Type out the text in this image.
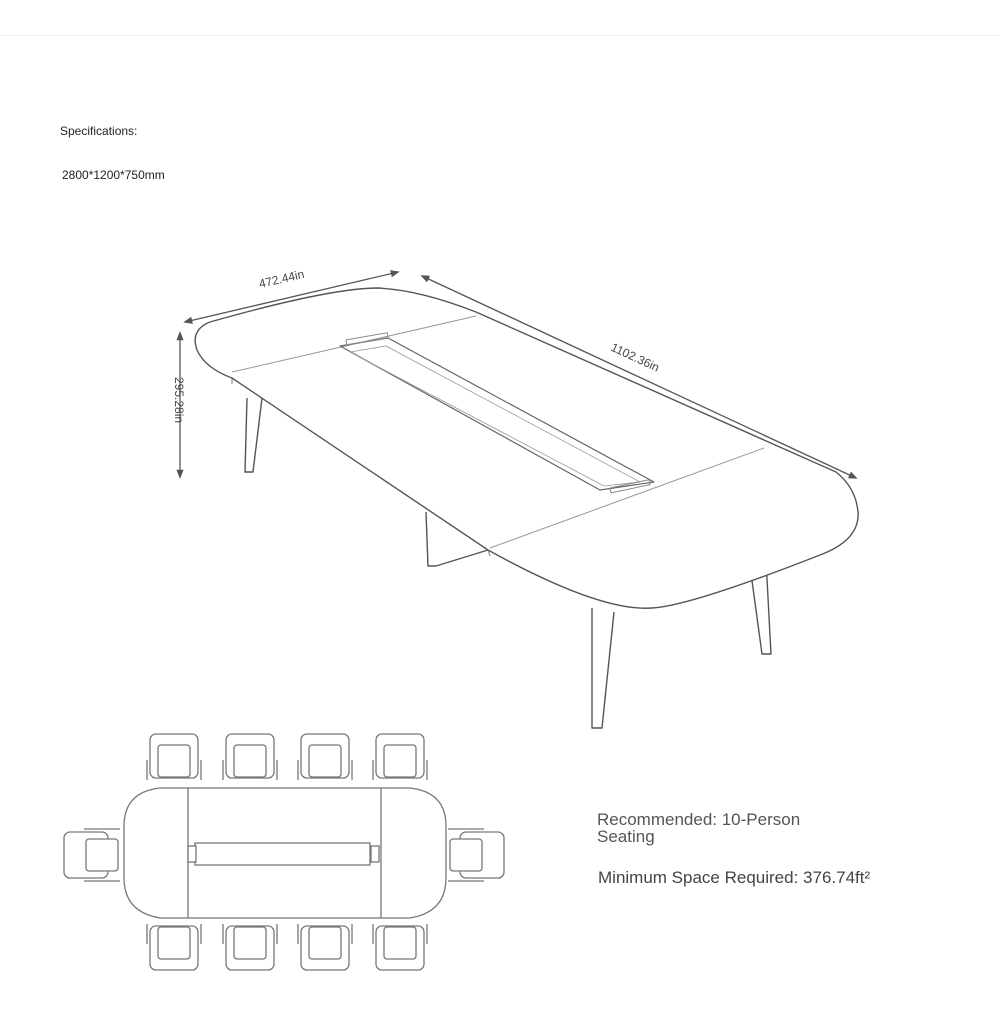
Specifications:
2800*1200*750mm
472.44in
1102.36in
295.28in
Recommended: 10-Person Seating
Minimum Space Required: 376.74ft²
